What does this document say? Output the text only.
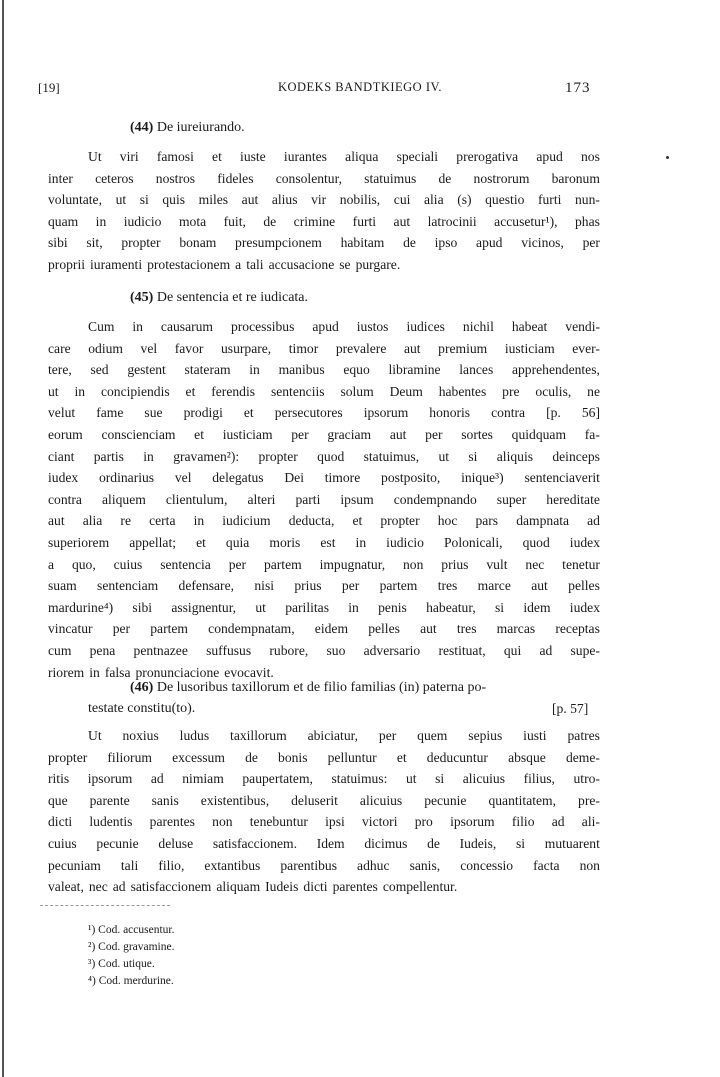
[19]	KODEKS BANDTKIEGO IV.	173
(44) De iureiurando.
Ut viri famosi et iuste iurantes aliqua speciali prerogativa apud nos
inter ceteros nostros fideles consolentur, statuimus de nostrorum baronum
voluntate, ut si quis miles aut alius vir nobilis, cui alia (s) questio furti nun-
quam in iudicio mota fuit, de crimine furti aut latrocinii accusetur¹), phas
sibi sit, propter bonam presumpcionem habitam de ipso apud vicinos, per
proprii iuramenti protestacionem a tali accusacione se purgare.
(45) De sentencia et re iudicata.
Cum in causarum processibus apud iustos iudices nichil habeat vendi-
care odium vel favor usurpare, timor prevalere aut premium iusticiam ever-
tere, sed gestent stateram in manibus equo libramine lances apprehendentes,
ut in concipiendis et ferendis sentenciis solum Deum habentes pre oculis, ne
velut fame sue prodigi et persecutores ipsorum honoris contra [p. 56]
eorum conscienciam et iusticiam per graciam aut per sortes quidquam fa-
ciant partis in gravamen²): propter quod statuimus, ut si aliquis deinceps
iudex ordinarius vel delegatus Dei timore postposito, inique³) sentenciaverit
contra aliquem clientulum, alteri parti ipsum condempnando super hereditate
aut alia re certa in iudicium deducta, et propter hoc pars dampnata ad
superiorem appellat; et quia moris est in iudicio Polonicali, quod iudex
a quo, cuius sentencia per partem impugnatur, non prius vult nec tenetur
suam sentenciam defensare, nisi prius per partem tres marce aut pelles
mardurine⁴) sibi assignentur, ut parilitas in penis habeatur, si idem iudex
vincatur per partem condempnatam, eidem pelles aut tres marcas receptas
cum pena pentnazee suffusus rubore, suo adversario restituat, qui ad supe-
riorem in falsa pronunciacione evocavit.
(46) De lusoribus taxillorum et de filio familias (in) paterna po-
testate constitu(to).	[p. 57]
Ut noxius ludus taxillorum abiciatur, per quem sepius iusti patres
propter filiorum excessum de bonis pelluntur et deducuntur absque deme-
ritis ipsorum ad nimiam paupertatem, statuimus: ut si alicuius filius, utro-
que parente sanis existentibus, deluserit alicuius pecunie quantitatem, pre-
dicti ludentis parentes non tenebuntur ipsi victori pro ipsorum filio ad ali-
cuius pecunie deluse satisfaccionem. Idem dicimus de Iudeis, si mutuarent
pecuniam tali filio, extantibus parentibus adhuc sanis, concessio facta non
valeat, nec ad satisfaccionem aliquam Iudeis dicti parentes compellentur.
¹) Cod. accusentur.
²) Cod. gravamine.
³) Cod. utique.
⁴) Cod. merdurine.
